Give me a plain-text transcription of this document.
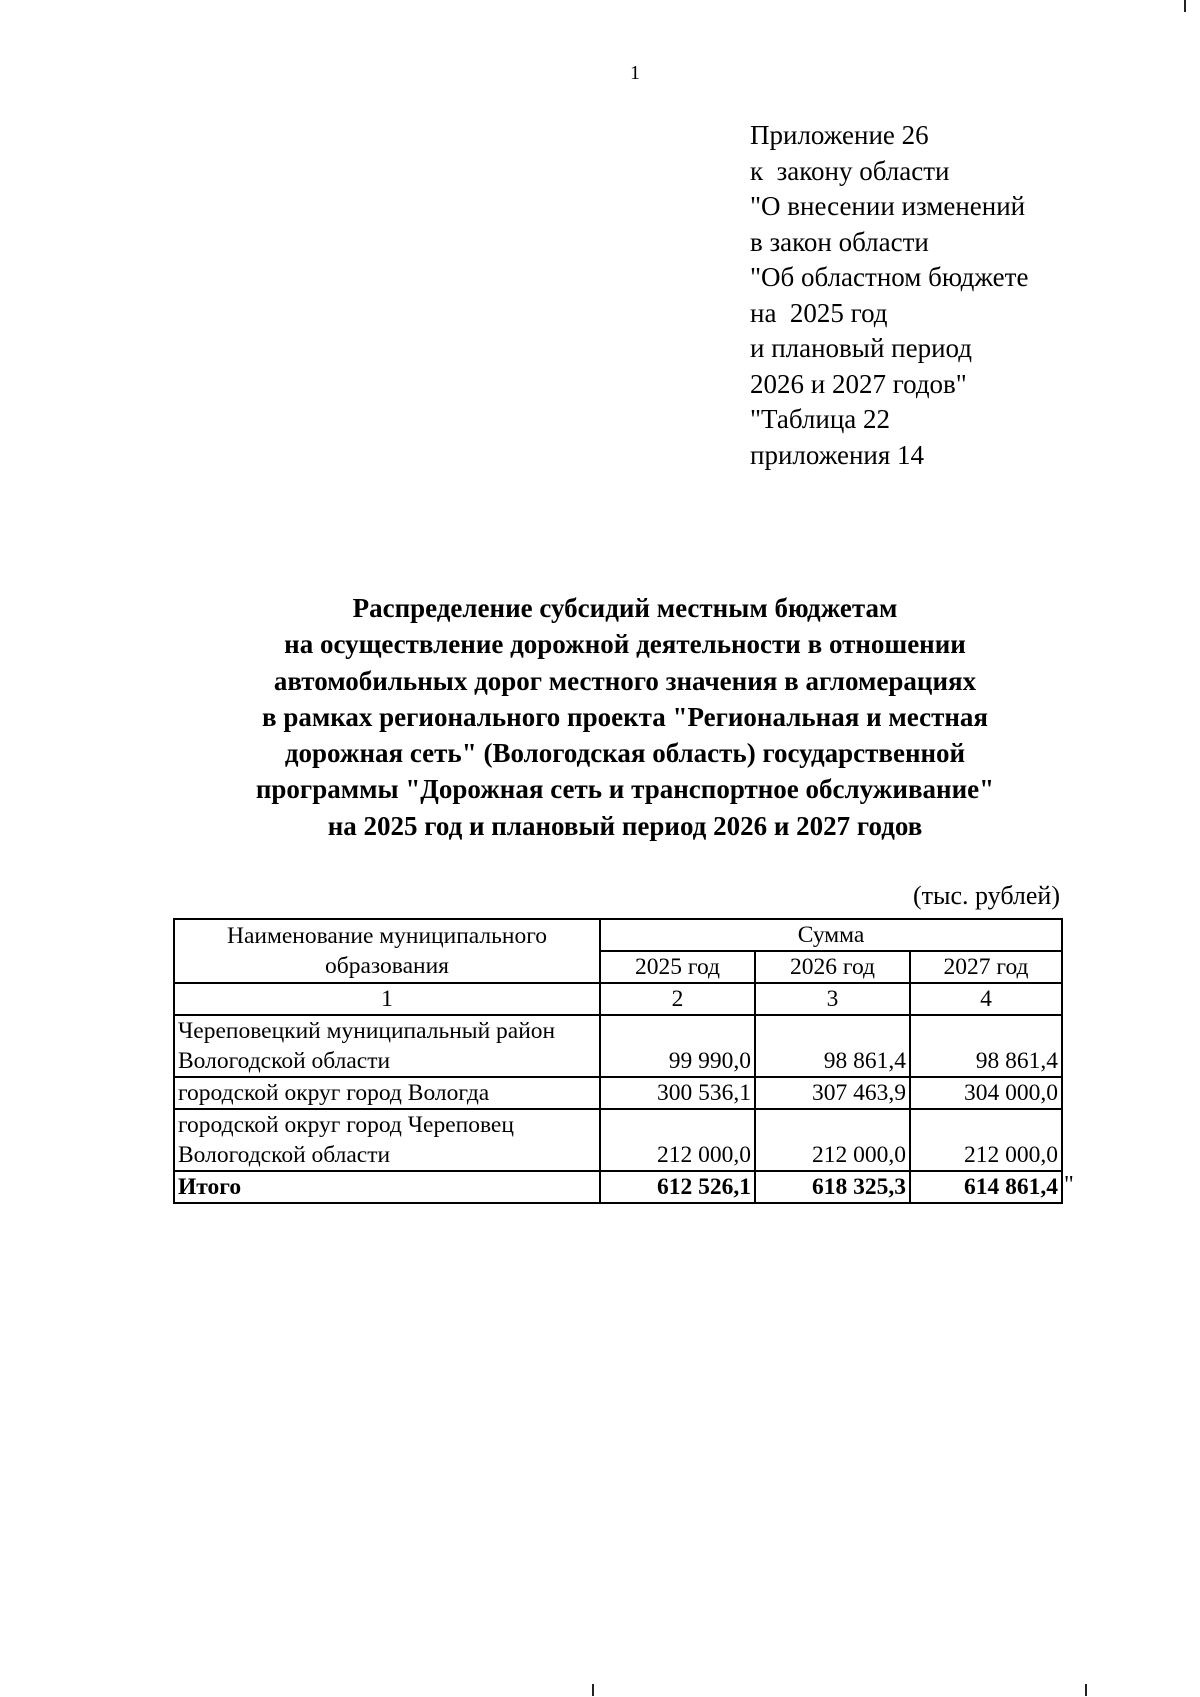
1
Приложение 26
к  закону области
"О внесении изменений
в закон области
"Об областном бюджете
на  2025 год
и плановый период
2026 и 2027 годов"
"Таблица 22
приложения 14
Распределение субсидий местным бюджетам
на осуществление дорожной деятельности в отношении
автомобильных дорог местного значения в агломерациях
в рамках регионального проекта "Региональная и местная
дорожная сеть" (Вологодская область) государственной
программы "Дорожная сеть и транспортное обслуживание"
на 2025 год и плановый период 2026 и 2027 годов
(тыс. рублей)
Наименование муниципального образования	Сумма		
	2025 год	2026 год	2027 год
1	2	3	4

Череповецкий муниципальный район
Вологодской области	99 990,0	98 861,4	98 861,4
городской округ город Вологда	300 536,1	307 463,9	304 000,0

городской округ город Череповец
Вологодской области	212 000,0	212 000,0	212 000,0
Итого	612 526,1	618 325,3	614 861,4 "
